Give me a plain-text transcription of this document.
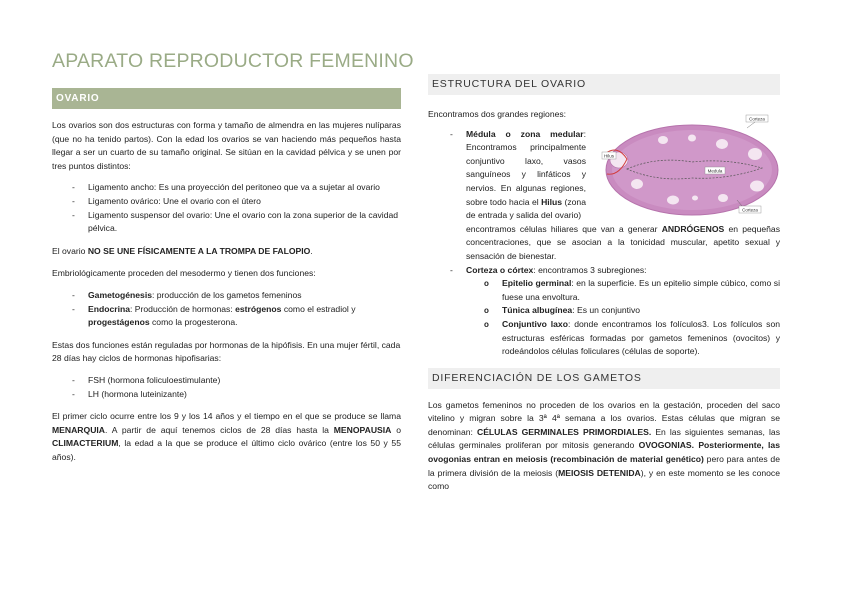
APARATO REPRODUCTOR FEMENINO
OVARIO

Los ovarios son dos estructuras con forma y tamaño de almendra en las mujeres nulíparas (que no ha tenido partos). Con la edad los ovarios se van haciendo más pequeños hasta llegar a ser un cuarto de su tamaño original. Se sitúan en la cavidad pélvica y se unen por tres puntos distintos:

- Ligamento ancho: Es una proyección del peritoneo que va a sujetar al ovario
- Ligamento ovárico: Une el ovario con el útero
- Ligamento suspensor del ovario: Une el ovario con la zona superior de la cavidad pélvica.

El ovario NO SE UNE FÍSICAMENTE A LA TROMPA DE FALOPIO.

Embriológicamente proceden del mesodermo y tienen dos funciones:

- Gametogénesis: producción de los gametos femeninos
- Endocrina: Producción de hormonas: estrógenos como el estradiol y progestágenos como la progesterona.

Estas dos funciones están reguladas por hormonas de la hipófisis. En una mujer fértil, cada 28 días hay ciclos de hormonas hipofisarias:

- FSH (hormona foliculoestimulante)
- LH (hormona luteinizante)

El primer ciclo ocurre entre los 9 y los 14 años y el tiempo en el que se produce se llama MENARQUIA. A partir de aquí tenemos ciclos de 28 días hasta la MENOPAUSIA o CLIMACTERIUM, la edad a la que se produce el último ciclo ovárico (entre los 50 y 55 años).

ESTRUCTURA DEL OVARIO

Encontramos dos grandes regiones:

- Médula o zona medular: Encontramos principalmente conjuntivo laxo, vasos sanguíneos y linfáticos y nervios. En algunas regiones, sobre todo hacia el Hilus (zona de entrada y salida del ovario)
encontramos células hiliares que van a generar ANDRÓGENOS en pequeñas concentraciones, que se asocian a la tonicidad muscular, apetito sexual y sensación de bienestar.
- Corteza o córtex: encontramos 3 subregiones:
o Epitelio germinal: en la superficie. Es un epitelio simple cúbico, como si fuese una envoltura.
o Túnica albugínea: Es un conjuntivo
o Conjuntivo laxo: donde encontramos los folículos3. Los folículos son estructuras esféricas formadas por gametos femeninos (ovocitos) y rodeándolos células foliculares (células de soporte).
DIFERENCIACIÓN DE LOS GAMETOS

Los gametos femeninos no proceden de los ovarios en la gestación, proceden del saco vitelino y migran sobre la 3ª 4ª semana a los ovarios. Estas células que migran se denominan: CÉLULAS GERMINALES PRIMORDIALES. En las siguientes semanas, las células germinales proliferan por mitosis generando OVOGONIAS. Posteriormente, las ovogonias entran en meiosis (recombinación de material genético) pero para antes de la primera división de la meiosis (MEIOSIS DETENIDA), y en este momento se les conoce como

Corteza
Hilus
Medula
Corteza
